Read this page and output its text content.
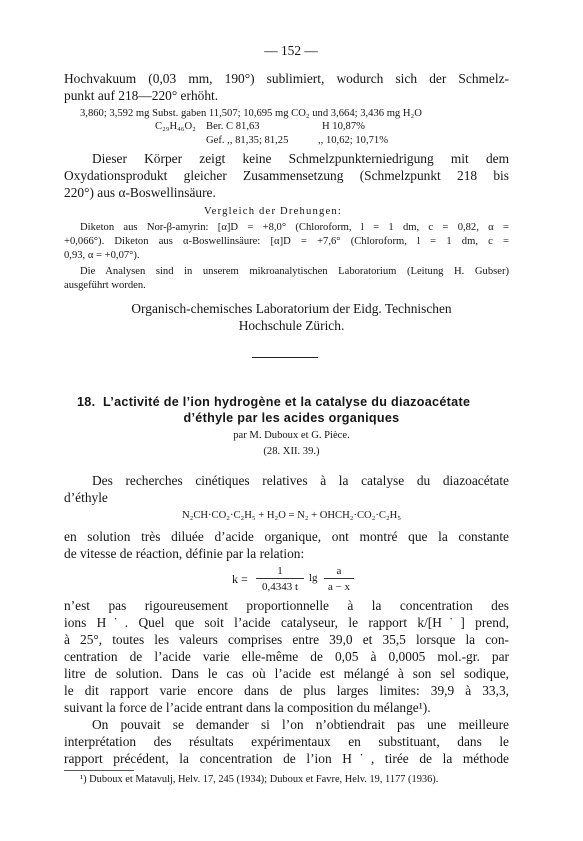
— 152 —
Hochvakuum (0,03 mm, 190°) sublimiert, wodurch sich der Schmelz-
punkt auf 218—220° erhöht.
3,860; 3,592 mg Subst. gaben 11,507; 10,695 mg CO₂ und 3,664; 3,436 mg H₂O
C₂₉H₄₆O₂ Ber. C 81,63	H 10,87%
Gef. ,, 81,35; 81,25	,, 10,62; 10,71%
Dieser Körper zeigt keine Schmelzpunkterniedrigung mit dem
Oxydationsprodukt gleicher Zusammensetzung (Schmelzpunkt 218 bis
220°) aus α-Boswellinsäure.
Vergleich der Drehungen:
Diketon aus Nor-β-amyrin: [α]D = +8,0° (Chloroform, l = 1 dm, c = 0,82, α =
+0,066°). Diketon aus α-Boswellinsäure: [α]D = +7,6° (Chloroform, l = 1 dm, c =
0,93, α = +0,07°).
Die Analysen sind in unserem mikroanalytischen Laboratorium (Leitung H. Gubser)
ausgeführt worden.
Organisch-chemisches Laboratorium der Eidg. Technischen
Hochschule Zürich.
18. L’activité de l’ion hydrogène et la catalyse du diazoacétate
d’éthyle par les acides organiques
par M. Duboux et G. Pièce.
(28. XII. 39.)
Des recherches cinétiques relatives à la catalyse du diazoacétate
d’éthyle
N₂CH·CO₂·C₂H₅ + H₂O = N₂ + OHCH₂·CO₂·C₂H₅
en solution très diluée d’acide organique, ont montré que la constante
de vitesse de réaction, définie par la relation:
k =
1
0,4343 t
lg
a
a − x
n’est pas rigoureusement proportionnelle à la concentration des
ions H˙. Quel que soit l’acide catalyseur, le rapport k/[H˙] prend,
à 25°, toutes les valeurs comprises entre 39,0 et 35,5 lorsque la con-
centration de l’acide varie elle-même de 0,05 à 0,0005 mol.-gr. par
litre de solution. Dans le cas où l’acide est mélangé à son sel sodique,
le dit rapport varie encore dans de plus larges limites: 39,9 à 33,3,
suivant la force de l’acide entrant dans la composition du mélange¹).
On pouvait se demander si l’on n’obtiendrait pas une meilleure
interprétation des résultats expérimentaux en substituant, dans le
rapport précédent, la concentration de l’ion H˙, tirée de la méthode
¹) Duboux et Matavulj, Helv. 17, 245 (1934); Duboux et Favre, Helv. 19, 1177 (1936).
